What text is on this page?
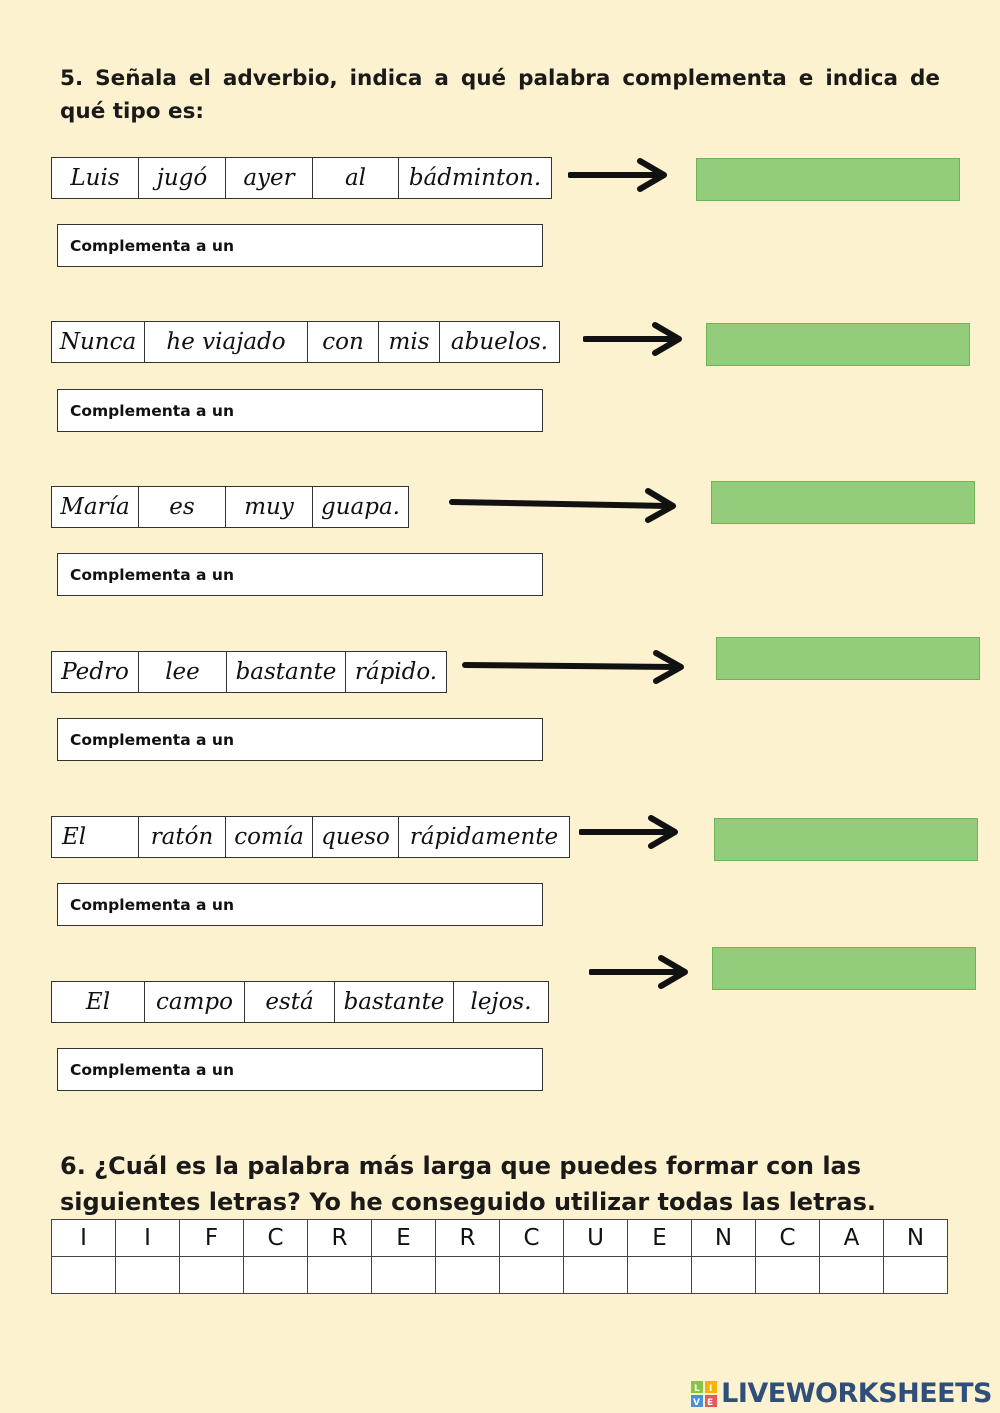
5. Señala el adverbio, indica a qué palabra complementa e indica de qué tipo es:
Luis	jugó	ayer	al	bádminton.
Complementa a un
Nunca	he viajado	con	mis abuelos.
Complementa a un
María	es	muy	guapa.
Complementa a un
Pedro	lee	bastante rápido.
Complementa a un
El	ratón comía queso rápidamente
Complementa a un
El	campo	está	bastante	lejos.
Complementa a un
6. ¿Cuál es la palabra más larga que puedes formar con las siguientes letras? Yo he conseguido utilizar todas las letras.
I	I	F	C	R	E	R	C	U	E	N	C	A	N

L I
V E LIVEWORKSHEETS
